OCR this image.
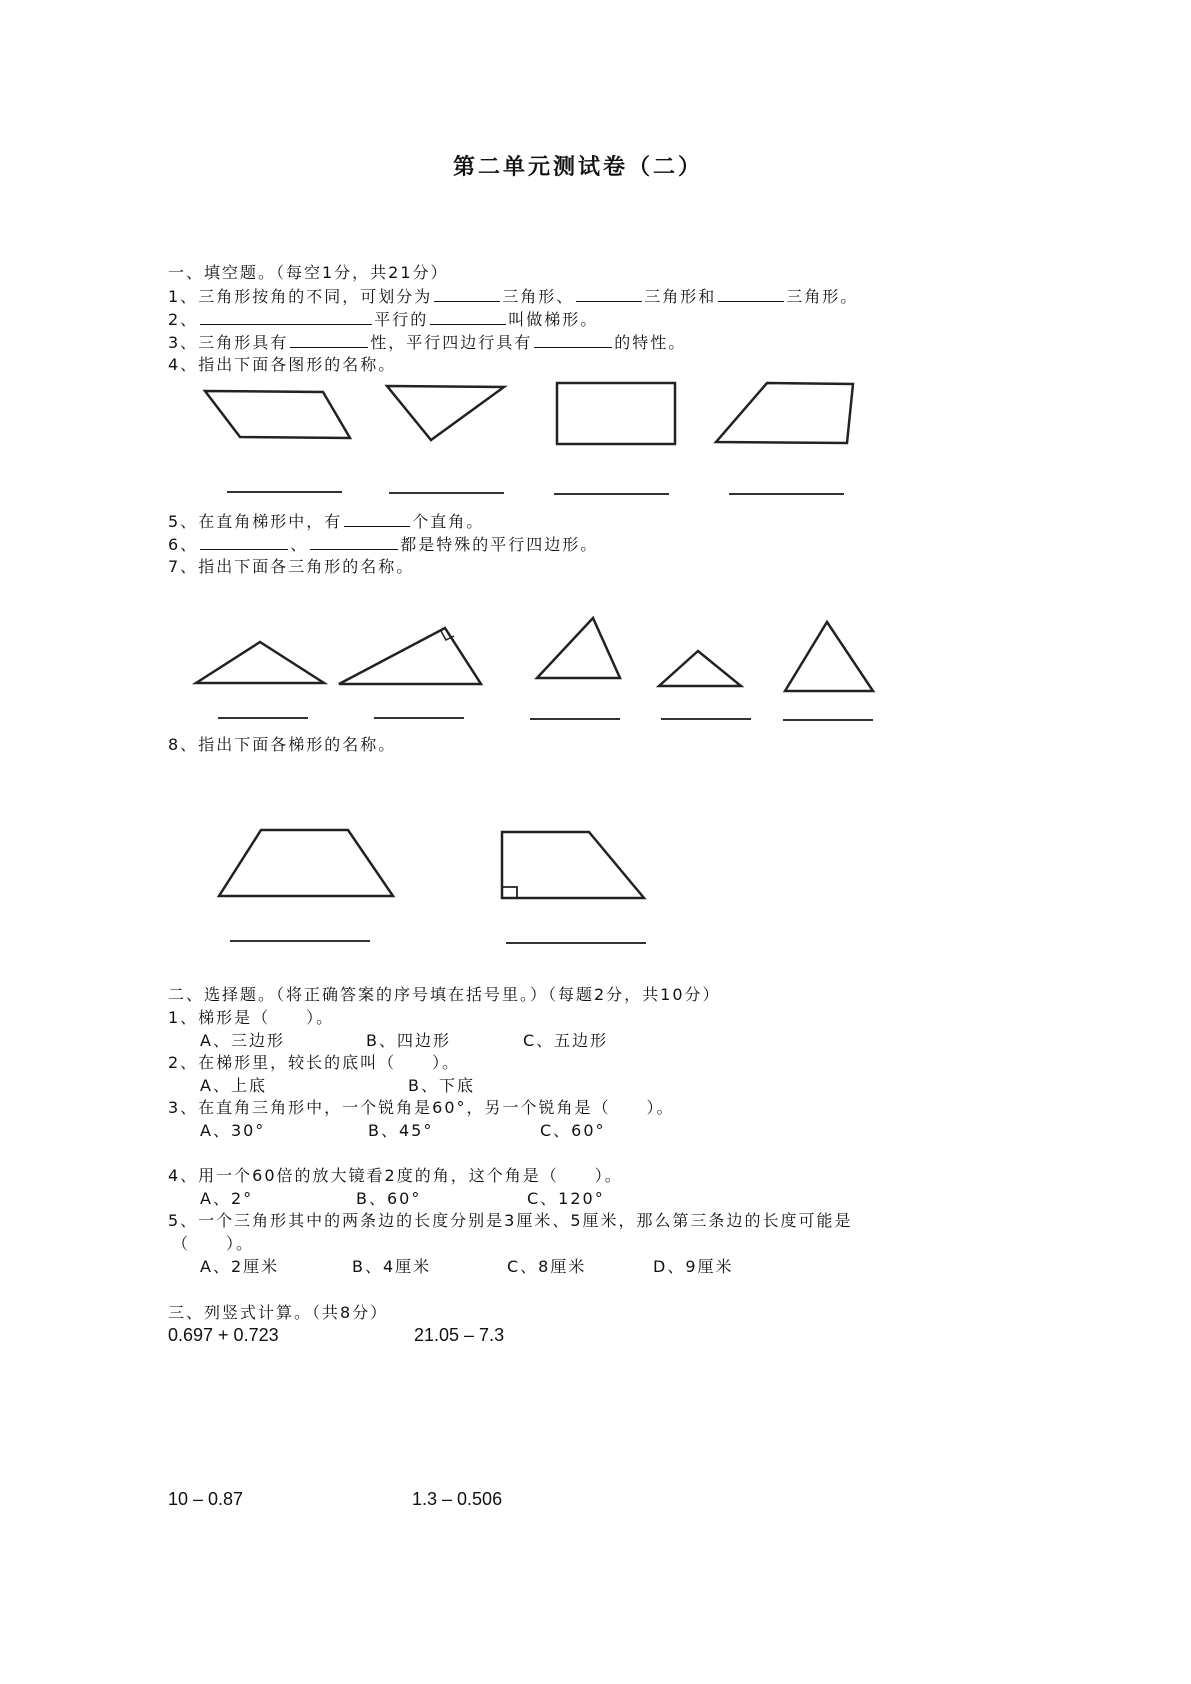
第二单元测试卷（二）
一、填空题。（每空1分，共21分）
1、三角形按角的不同，可划分为	三角形、	三角形和	三角形。
2、	平行的	叫做梯形。
3、三角形具有	性，平行四边行具有	的特性。
4、指出下面各图形的名称。
5、在直角梯形中，有	个直角。
6、	、	都是特殊的平行四边形。
7、指出下面各三角形的名称。
8、指出下面各梯形的名称。
二、选择题。（将正确答案的序号填在括号里。）（每题2分，共10分）
1、梯形是（　　）。
A、三边形	B、四边形	C、五边形
2、在梯形里，较长的底叫（　　）。
A、上底	B、下底
3、在直角三角形中，一个锐角是60°，另一个锐角是（　　）。
A、30°	B、45°	C、60°
4、用一个60倍的放大镜看2度的角，这个角是（　　）。
A、2°	B、60°	C、120°
5、一个三角形其中的两条边的长度分别是3厘米、5厘米，那么第三条边的长度可能是
（　　）。
A、2厘米	B、4厘米	C、8厘米	D、9厘米
三、列竖式计算。（共8分）
0.697 + 0.723	21.05 – 7.3
10 – 0.87	1.3 – 0.506
